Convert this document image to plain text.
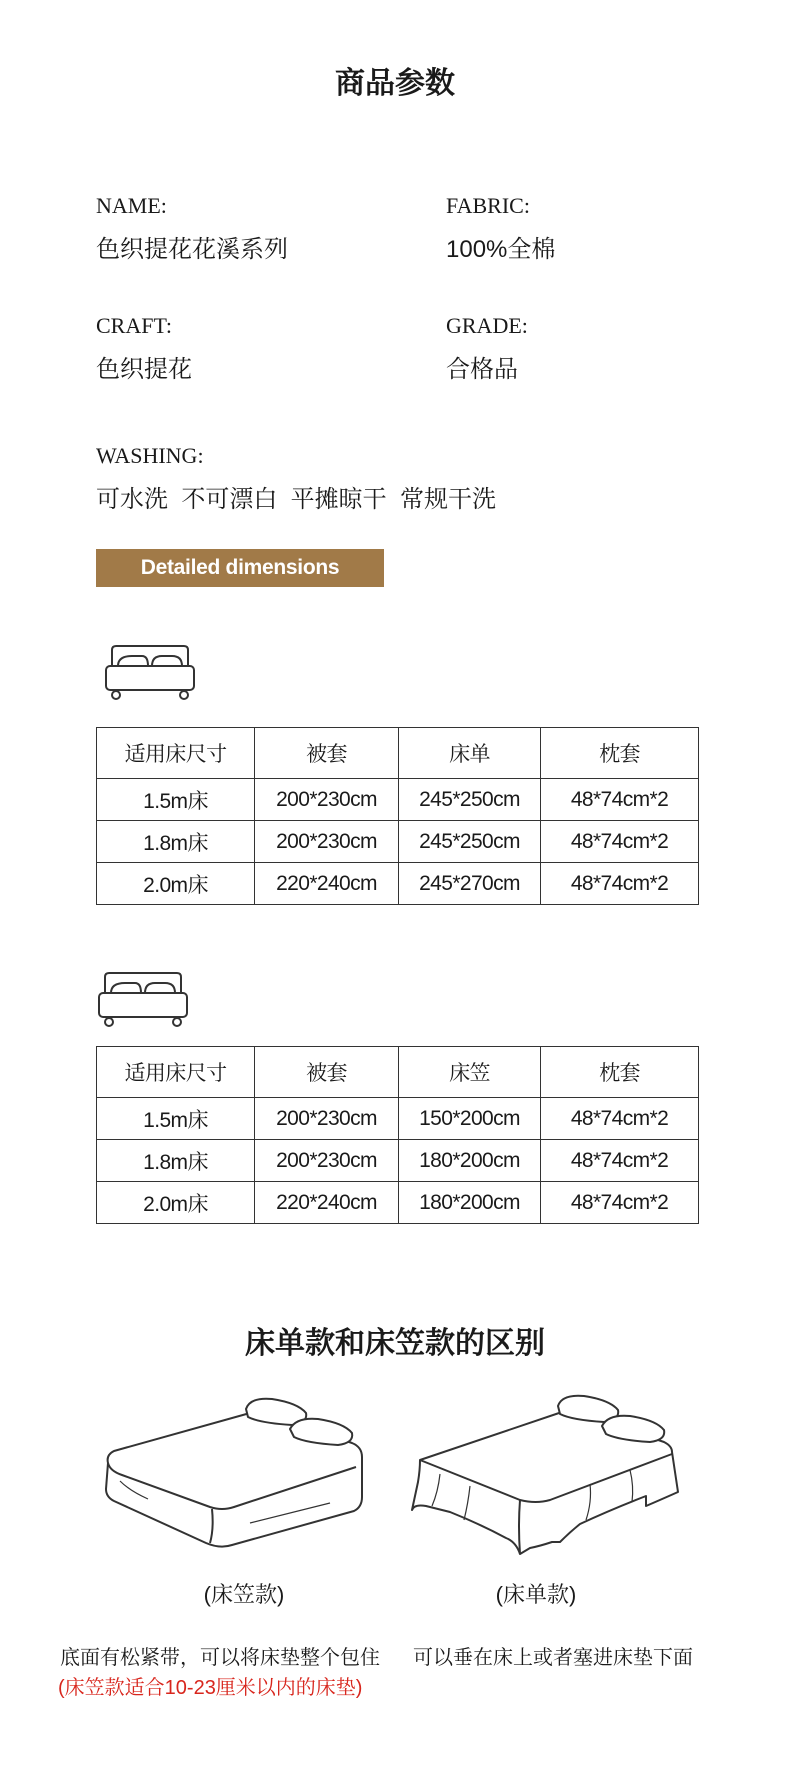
商品参数
NAME:
色织提花花溪系列
FABRIC:
100%全棉
CRAFT:
色织提花
GRADE:
合格品
WASHING:
可水洗  不可漂白  平摊晾干  常规干洗
Detailed dimensions
适用床尺寸	被套	床单	枕套
1.5m床	200*230cm	245*250cm	48*74cm*2
1.8m床	200*230cm	245*250cm	48*74cm*2
2.0m床	220*240cm	245*270cm	48*74cm*2
适用床尺寸	被套	床笠	枕套
1.5m床	200*230cm	150*200cm	48*74cm*2
1.8m床	200*230cm	180*200cm	48*74cm*2
2.0m床	220*240cm	180*200cm	48*74cm*2
床单款和床笠款的区别
(床笠款)	(床单款)
底面有松紧带，可以将床垫整个包住
(床笠款适合10-23厘米以内的床垫)
可以垂在床上或者塞进床垫下面
